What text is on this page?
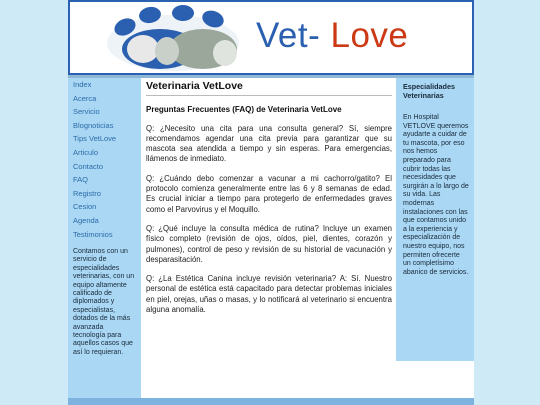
Vet- Love
Index
Acerca
Servicio
Blognoticias
Tips VetLove
Articulo
Contacto
FAQ
Registro
Cesion
Agenda
Testimonios
Contamos con un servicio de especialidades veterinarias, con un equipo altamente calificado de diplomados y especialistas, dotados de la más avanzada tecnología para aquellos casos que así lo requieran.
Veterinaria VetLove
Preguntas Frecuentes (FAQ) de Veterinaria VetLove

Q: ¿Necesito una cita para una consulta general? Sí, siempre recomendamos agendar una cita previa para garantizar que su mascota sea atendida a tiempo y sin esperas. Para emergencias, llámenos de inmediato.

Q: ¿Cuándo debo comenzar a vacunar a mi cachorro/gatito? El protocolo comienza generalmente entre las 6 y 8 semanas de edad. Es crucial iniciar a tiempo para protegerlo de enfermedades graves como el Parvovirus y el Moquillo.

Q: ¿Qué incluye la consulta médica de rutina? Incluye un examen físico completo (revisión de ojos, oídos, piel, dientes, corazón y pulmones), control de peso y revisión de su historial de vacunación y desparasitación.

Q: ¿La Estética Canina incluye revisión veterinaria? A: Sí. Nuestro personal de estética está capacitado para detectar problemas iniciales en piel, orejas, uñas o masas, y lo notificará al veterinario si encuentra alguna anomalía.

Especialidades Veterinarias
En Hospital VETLOVE queremos ayudarte a cuidar de tu mascota, por eso nos hemos preparado para cubrir todas las necesidades que surgirán a lo largo de su vida. Las modernas instalaciones con las que contamos unido a la experiencia y especialización de nuestro equipo, nos permiten ofrecerte un completísimo abanico de servicios.
